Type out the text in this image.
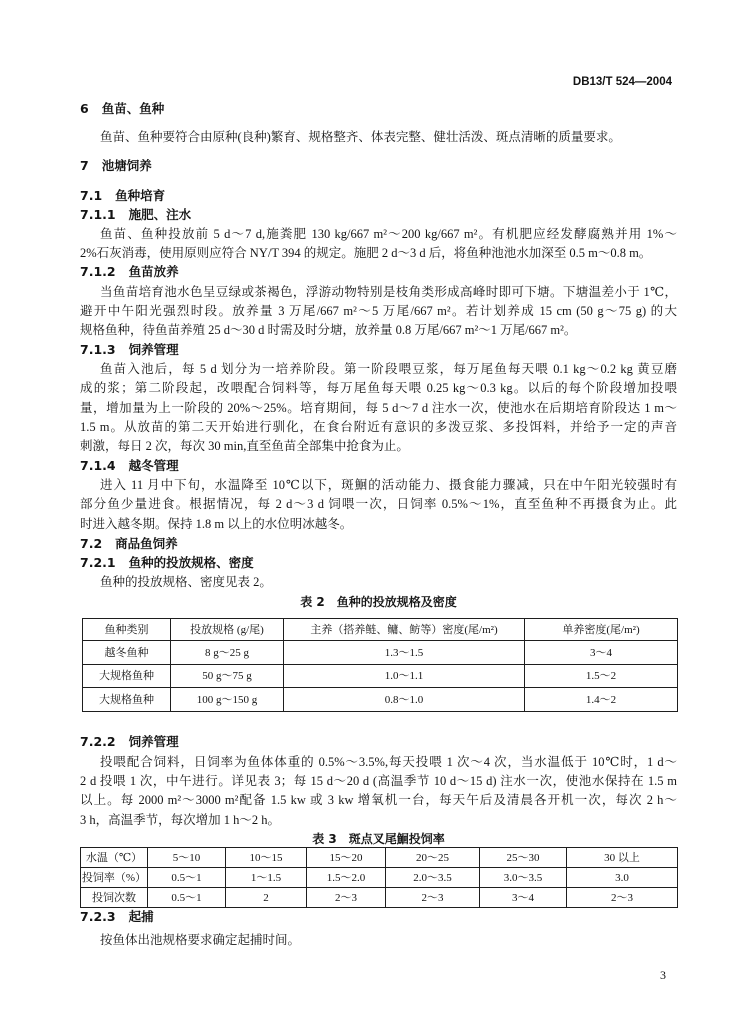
DB13/T 524—2004
6 鱼苗、鱼种
鱼苗、鱼种要符合由原种(良种)繁育、规格整齐、体表完整、健壮活泼、斑点清晰的质量要求。
7 池塘饲养
7.1 鱼种培育
7.1.1 施肥、注水
鱼苗、鱼种投放前 5 d～7 d,施粪肥 130 kg/667 m²～200 kg/667 m²。有机肥应经发酵腐熟并用 1%～
2%石灰消毒，使用原则应符合 NY/T 394 的规定。施肥 2 d～3 d 后，将鱼种池池水加深至 0.5 m～0.8 m。
7.1.2 鱼苗放养
当鱼苗培育池水色呈豆绿或茶褐色，浮游动物特别是枝角类形成高峰时即可下塘。下塘温差小于 1℃，
避开中午阳光强烈时段。放养量 3 万尾/667 m²～5 万尾/667 m²。若计划养成 15 cm (50 g～75 g) 的大
规格鱼种，待鱼苗养殖 25 d～30 d 时需及时分塘，放养量 0.8 万尾/667 m²～1 万尾/667 m²。
7.1.3 饲养管理
鱼苗入池后，每 5 d 划分为一培养阶段。第一阶段喂豆浆，每万尾鱼每天喂 0.1 kg～0.2 kg 黄豆磨
成的浆；第二阶段起，改喂配合饲料等，每万尾鱼每天喂 0.25 kg～0.3 kg。以后的每个阶段增加投喂
量，增加量为上一阶段的 20%～25%。培育期间，每 5 d～7 d 注水一次，使池水在后期培育阶段达 1 m～
1.5 m。从放苗的第二天开始进行驯化，在食台附近有意识的多泼豆浆、多投饵料，并给予一定的声音
刺激，每日 2 次，每次 30 min,直至鱼苗全部集中抢食为止。
7.1.4 越冬管理
进入 11 月中下旬，水温降至 10℃以下，斑鮰的活动能力、摄食能力骤减，只在中午阳光较强时有
部分鱼少量进食。根据情况，每 2 d～3 d 饲喂一次，日饲率 0.5%～1%，直至鱼种不再摄食为止。此
时进入越冬期。保持 1.8 m 以上的水位明冰越冬。
7.2 商品鱼饲养
7.2.1 鱼种的投放规格、密度
鱼种的投放规格、密度见表 2。
表 2 鱼种的投放规格及密度
鱼种类别	投放规格 (g/尾)	主养（搭养鲢、鳙、鲂等）密度(尾/m²)	单养密度(尾/m²)
越冬鱼种	8 g～25 g	1.3～1.5	3～4
大规格鱼种	50 g～75 g	1.0～1.1	1.5～2
大规格鱼种	100 g～150 g	0.8～1.0	1.4～2
7.2.2 饲养管理
投喂配合饲料，日饲率为鱼体体重的 0.5%～3.5%,每天投喂 1 次～4 次，当水温低于 10℃时，1 d～
2 d 投喂 1 次，中午进行。详见表 3；每 15 d～20 d (高温季节 10 d～15 d) 注水一次，使池水保持在 1.5 m
以上。每 2000 m²～3000 m²配备 1.5 kw 或 3 kw 增氧机一台，每天午后及清晨各开机一次，每次 2 h～
3 h，高温季节，每次增加 1 h～2 h。
表 3 斑点叉尾鮰投饲率
水温（℃）	5～10	10～15	15～20	20～25	25～30	30 以上
投饲率（%）	0.5～1	1～1.5	1.5～2.0	2.0～3.5	3.0～3.5	3.0
投饲次数	0.5～1	2	2～3	2～3	3～4	2～3
7.2.3 起捕
按鱼体出池规格要求确定起捕时间。
3
